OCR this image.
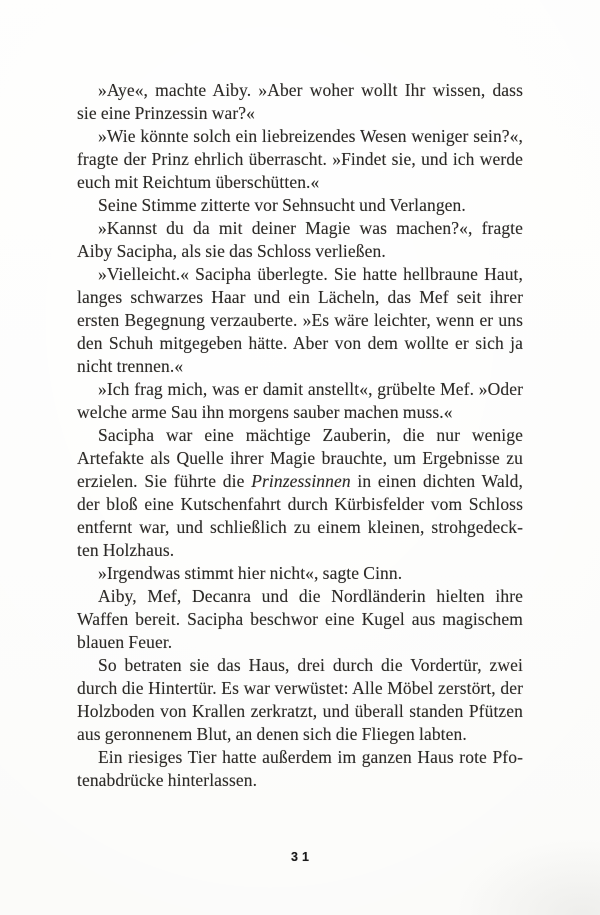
»Aye«, machte Aiby. »Aber woher wollt Ihr wissen, dass
sie eine Prinzessin war?«
»Wie könnte solch ein liebreizendes Wesen weniger sein?«,
fragte der Prinz ehrlich überrascht. »Findet sie, und ich werde
euch mit Reichtum überschütten.«
Seine Stimme zitterte vor Sehnsucht und Verlangen.
»Kannst du da mit deiner Magie was machen?«, fragte
Aiby Sacipha, als sie das Schloss verließen.
»Vielleicht.« Sacipha überlegte. Sie hatte hellbraune Haut,
langes schwarzes Haar und ein Lächeln, das Mef seit ihrer
ersten Begegnung verzauberte. »Es wäre leichter, wenn er uns
den Schuh mitgegeben hätte. Aber von dem wollte er sich ja
nicht trennen.«
»Ich frag mich, was er damit anstellt«, grübelte Mef. »Oder
welche arme Sau ihn morgens sauber machen muss.«
Sacipha war eine mächtige Zauberin, die nur wenige
Artefakte als Quelle ihrer Magie brauchte, um Ergebnisse zu
erzielen. Sie führte die Prinzessinnen in einen dichten Wald,
der bloß eine Kutschenfahrt durch Kürbisfelder vom Schloss
entfernt war, und schließlich zu einem kleinen, strohgedeck-
ten Holzhaus.
»Irgendwas stimmt hier nicht«, sagte Cinn.
Aiby, Mef, Decanra und die Nordländerin hielten ihre
Waffen bereit. Sacipha beschwor eine Kugel aus magischem
blauen Feuer.
So betraten sie das Haus, drei durch die Vordertür, zwei
durch die Hintertür. Es war verwüstet: Alle Möbel zerstört, der
Holzboden von Krallen zerkratzt, und überall standen Pfützen
aus geronnenem Blut, an denen sich die Fliegen labten.
Ein riesiges Tier hatte außerdem im ganzen Haus rote Pfo-
tenabdrücke hinterlassen.
31
